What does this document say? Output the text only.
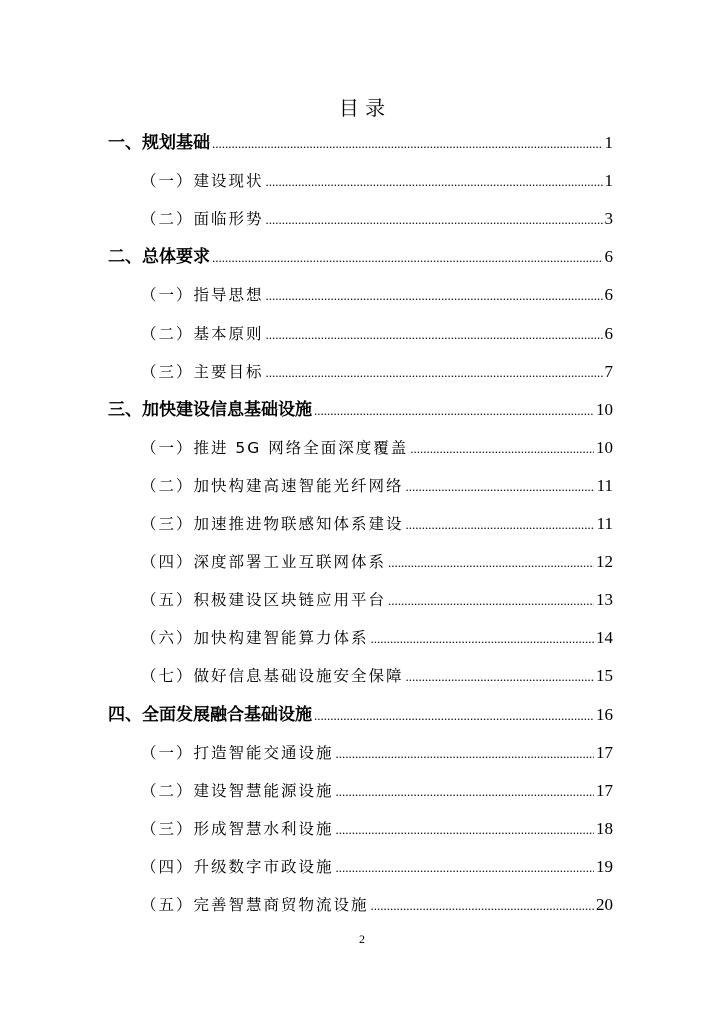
目 录
一、规划基础 .....	1
（一）建设现状 .....	1
（二）面临形势 .....	3
二、总体要求 .....	6
（一）指导思想 .....	6
（二）基本原则 .....	6
（三）主要目标 .....	7
三、加快建设信息基础设施 .....	10
（一）推进 5G 网络全面深度覆盖 .....	10
（二）加快构建高速智能光纤网络 .....	11
（三）加速推进物联感知体系建设 .....	11
（四）深度部署工业互联网体系 .....	12
（五）积极建设区块链应用平台 .....	13
（六）加快构建智能算力体系 .....	14
（七）做好信息基础设施安全保障 .....	15
四、全面发展融合基础设施 .....	16
（一）打造智能交通设施 .....	17
（二）建设智慧能源设施 .....	17
（三）形成智慧水利设施 .....	18
（四）升级数字市政设施 .....	19
（五）完善智慧商贸物流设施 .....	20
2
